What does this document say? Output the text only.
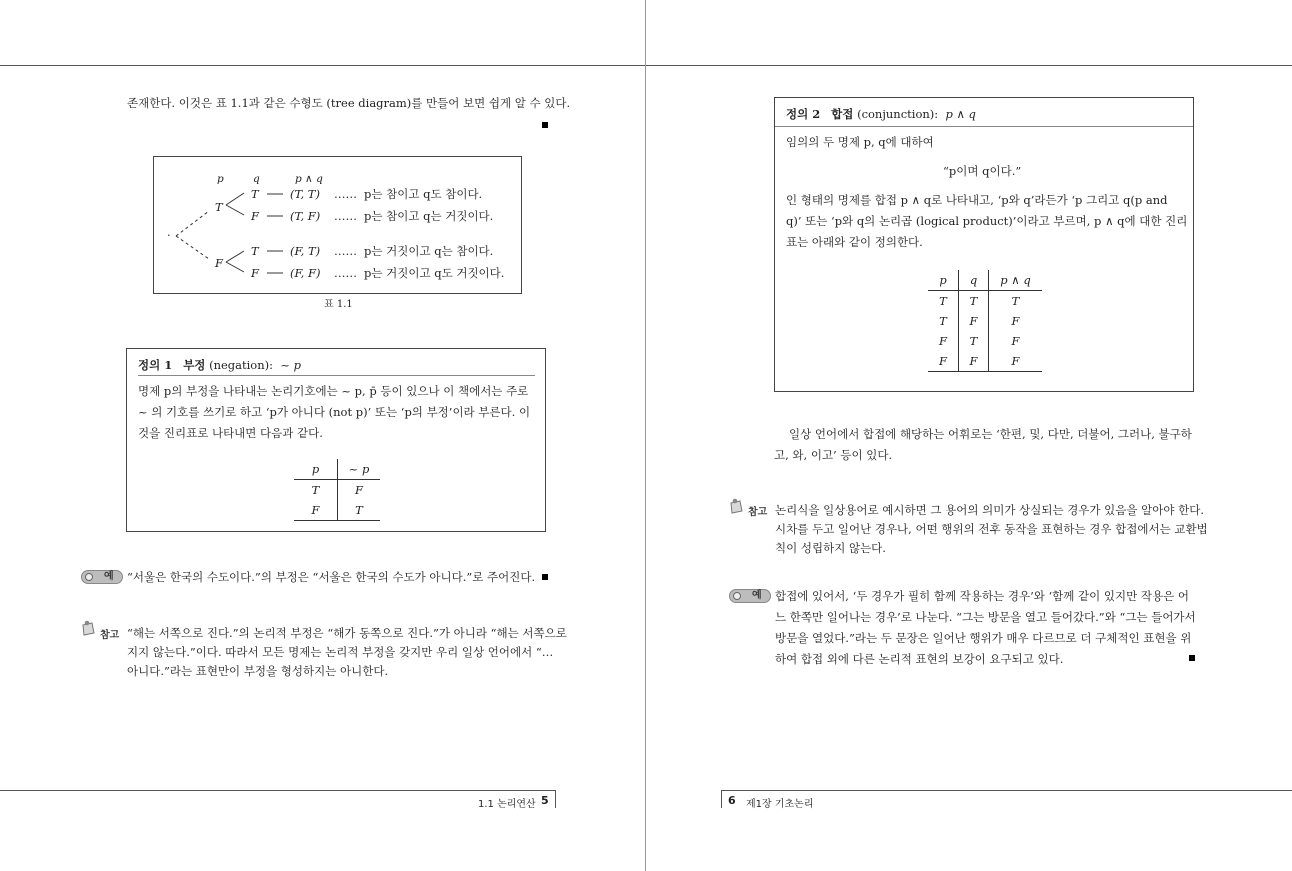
존재한다. 이것은 표 1.1과 같은 수형도 (tree diagram)를 만들어 보면 쉽게 알 수 있다.
p	q	p ∧ q
·
T
F
T	(T, T) …… p는 참이고 q도 참이다.
F	(T, F) …… p는 참이고 q는 거짓이다.
T	(F, T) …… p는 거짓이고 q는 참이다.
F	(F, F) …… p는 거짓이고 q도 거짓이다.
표 1.1
정의 1 부정 (negation): ~ p
명제 p의 부정을 나타내는 논리기호에는 ~ p, p̄ 등이 있으나 이 책에서는 주로
~ 의 기호를 쓰기로 하고 ‘p가 아니다 (not p)’ 또는 ‘p의 부정’이라 부른다. 이
것을 진리표로 나타내면 다음과 같다.
p	~ p
T	F
F	T
예 “서울은 한국의 수도이다.”의 부정은 “서울은 한국의 수도가 아니다.”로 주어진다.
참고 “해는 서쪽으로 진다.”의 논리적 부정은 “해가 동쪽으로 진다.”가 아니라 “해는 서쪽으로
지지 않는다.”이다. 따라서 모든 명제는 논리적 부정을 갖지만 우리 일상 언어에서 “…
아니다.”라는 표현만이 부정을 형성하지는 아니한다.
1.1 논리연산 5
정의 2 합접 (conjunction): p ∧ q
임의의 두 명제 p, q에 대하여
“p이며 q이다.”
인 형태의 명제를 합접 p ∧ q로 나타내고, ‘p와 q’라든가 ‘p 그리고 q(p and
q)’ 또는 ‘p와 q의 논리곱 (logical product)’이라고 부르며, p ∧ q에 대한 진리
표는 아래와 같이 정의한다.
p	q	p ∧ q
T	T	T
T	F	F
F	T	F
F	F	F
일상 언어에서 합접에 해당하는 어휘로는 ‘한편, 및, 다만, 더불어, 그러나, 불구하
고, 와, 이고’ 등이 있다.
참고 논리식을 일상용어로 예시하면 그 용어의 의미가 상실되는 경우가 있음을 알아야 한다.
시차를 두고 일어난 경우나, 어떤 행위의 전후 동작을 표현하는 경우 합접에서는 교환법
칙이 성립하지 않는다.
예 합접에 있어서, ‘두 경우가 필히 함께 작용하는 경우’와 ‘함께 같이 있지만 작용은 어
느 한쪽만 일어나는 경우’로 나눈다. “그는 방문을 열고 들어갔다.”와 “그는 들어가서
방문을 열었다.”라는 두 문장은 일어난 행위가 매우 다르므로 더 구체적인 표현을 위
하여 합접 외에 다른 논리적 표현의 보강이 요구되고 있다.
6 제1장 기초논리
